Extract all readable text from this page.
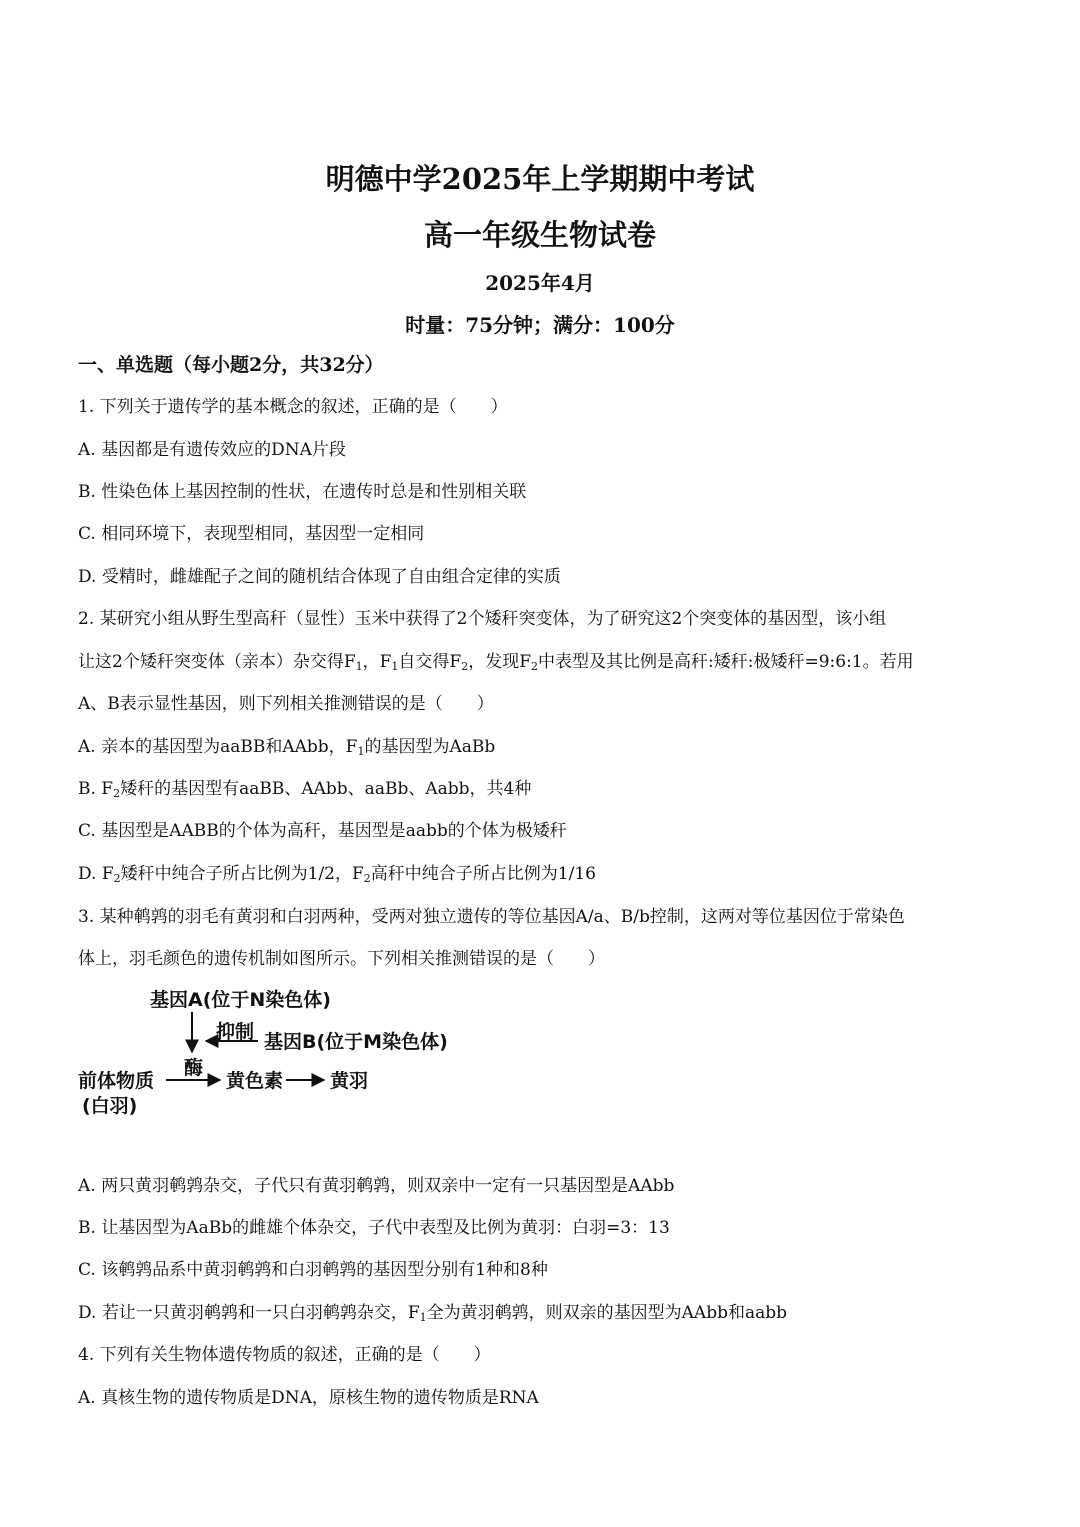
明德中学2025年上学期期中考试
高一年级生物试卷
2025年4月
时量：75分钟；满分：100分
一、单选题（每小题2分，共32分）
1. 下列关于遗传学的基本概念的叙述，正确的是（　　）
A. 基因都是有遗传效应的DNA片段
B. 性染色体上基因控制的性状，在遗传时总是和性别相关联
C. 相同环境下，表现型相同，基因型一定相同
D. 受精时，雌雄配子之间的随机结合体现了自由组合定律的实质
2. 某研究小组从野生型高秆（显性）玉米中获得了2个矮秆突变体，为了研究这2个突变体的基因型，该小组
让这2个矮秆突变体（亲本）杂交得$F_1$，$F_1$自交得$F_2$，发现$F_2$中表型及其比例是高秆:矮秆:极矮秆=9:6:1。若用
A、B表示显性基因，则下列相关推测错误的是（　　）
A. 亲本的基因型为aaBB和AAbb，$F_1$的基因型为AaBb
B. $F_2$矮秆的基因型有aaBB、AAbb、aaBb、Aabb，共4种
C. 基因型是AABB的个体为高秆，基因型是aabb的个体为极矮秆
D. $F_2$矮秆中纯合子所占比例为1/2，$F_2$高秆中纯合子所占比例为1/16
3. 某种鹌鹑的羽毛有黄羽和白羽两种，受两对独立遗传的等位基因A/a、B/b控制，这两对等位基因位于常染色
体上，羽毛颜色的遗传机制如图所示。下列相关推测错误的是（　　）
基因A(位于N染色体)
抑制 基因B(位于M染色体)
酶
前体物质	黄色素 黄羽
(白羽)
A. 两只黄羽鹌鹑杂交，子代只有黄羽鹌鹑，则双亲中一定有一只基因型是AAbb
B. 让基因型为AaBb的雌雄个体杂交，子代中表型及比例为黄羽：白羽=3：13
C. 该鹌鹑品系中黄羽鹌鹑和白羽鹌鹑的基因型分别有1种和8种
D. 若让一只黄羽鹌鹑和一只白羽鹌鹑杂交，$F_1$全为黄羽鹌鹑，则双亲的基因型为AAbb和aabb
4. 下列有关生物体遗传物质的叙述，正确的是（　　）
A. 真核生物的遗传物质是DNA，原核生物的遗传物质是RNA
